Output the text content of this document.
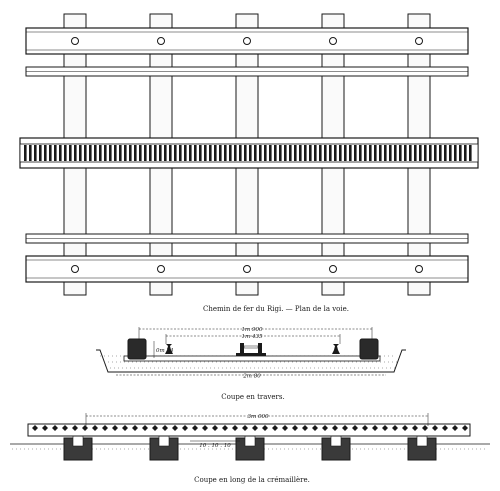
Chemin de fer du Rigi. — Plan de la voie.
1m 900
1m 435
2m 80
0m 24
Coupe en travers.
3m 000
10 . 10 . 10
Coupe en long de la crémaillère.
